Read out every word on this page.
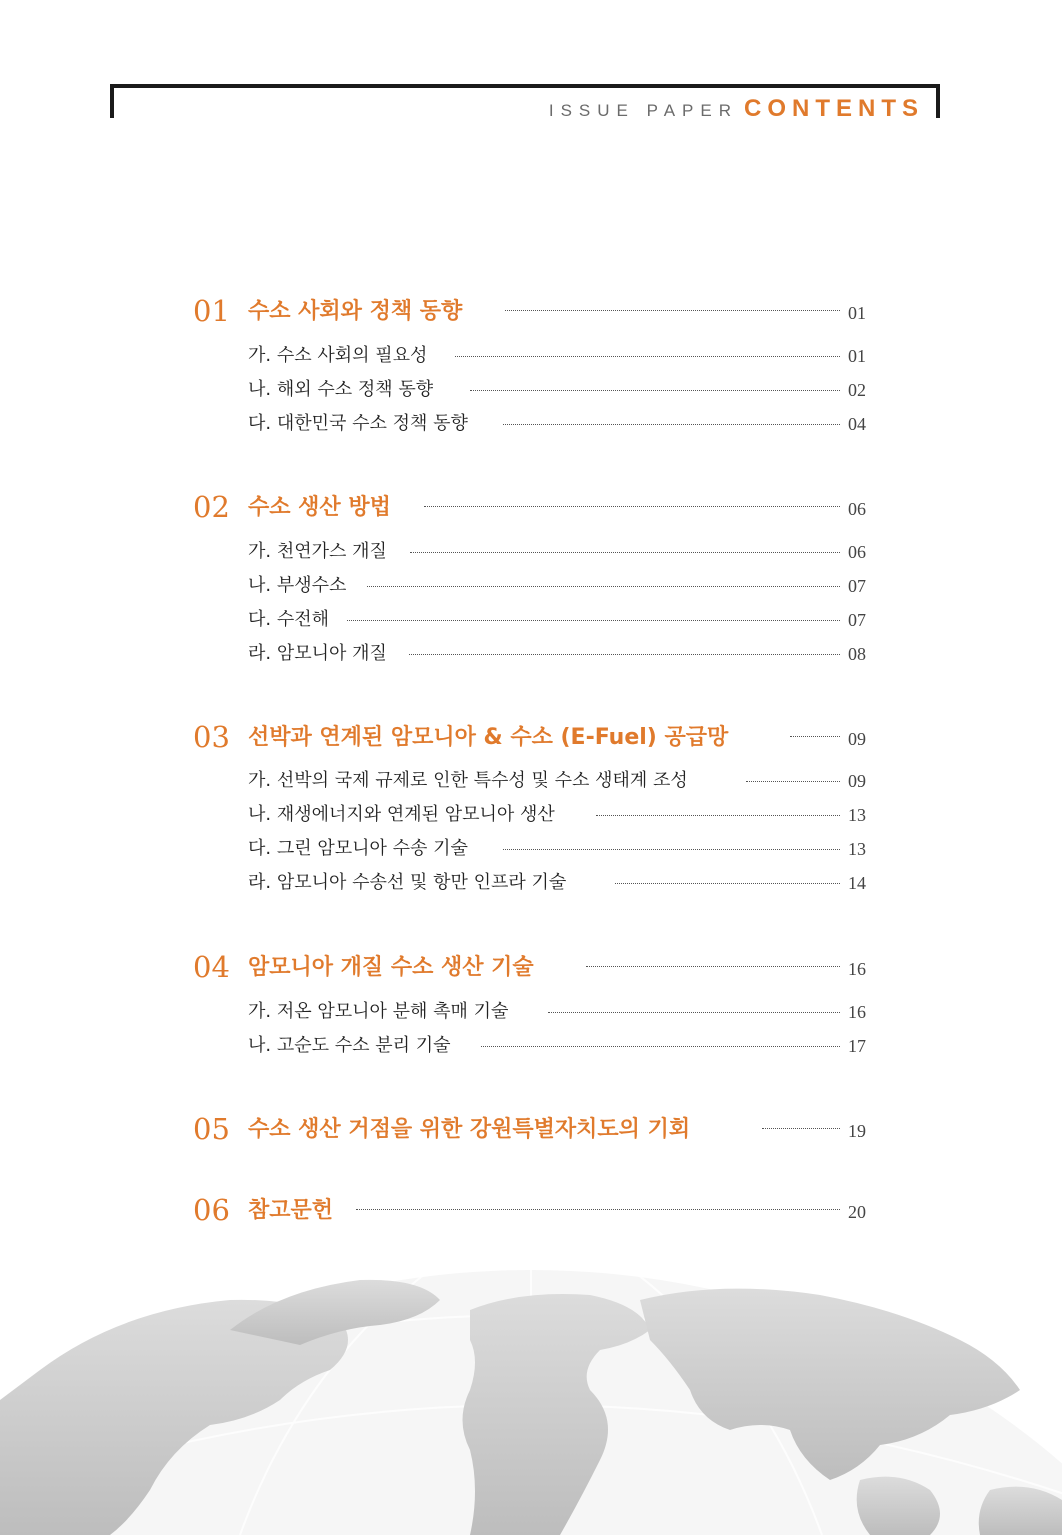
ISSUE PAPER CONTENTS
01 수소 사회와 정책 동향	01
가. 수소 사회의 필요성	01
나. 해외 수소 정책 동향	02
다. 대한민국 수소 정책 동향	04
02 수소 생산 방법	06
가. 천연가스 개질	06
나. 부생수소	07
다. 수전해	07
라. 암모니아 개질	08
03 선박과 연계된 암모니아 & 수소 (E-Fuel) 공급망	09
가. 선박의 국제 규제로 인한 특수성 및 수소 생태계 조성	09
나. 재생에너지와 연계된 암모니아 생산	13
다. 그린 암모니아 수송 기술	13
라. 암모니아 수송선 및 항만 인프라 기술	14
04 암모니아 개질 수소 생산 기술	16
가. 저온 암모니아 분해 촉매 기술	16
나. 고순도 수소 분리 기술	17
05 수소 생산 거점을 위한 강원특별자치도의 기회	19
06 참고문헌	20
